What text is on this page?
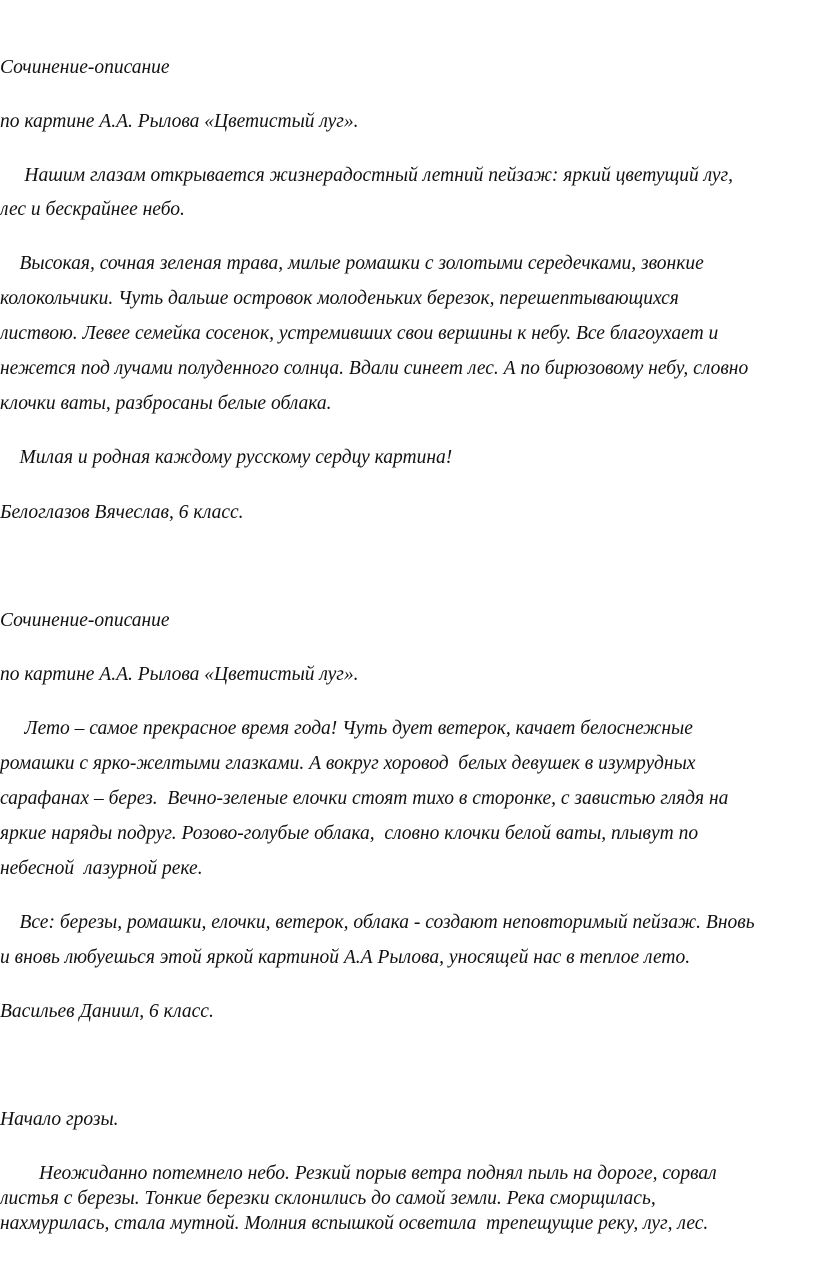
Сочинение-описание
по картине А.А. Рылова «Цветистый луг».
Нашим глазам открывается жизнерадостный летний пейзаж: яркий цветущий луг,
лес и бескрайнее небо.
Высокая, сочная зеленая трава, милые ромашки с золотыми середечками, звонкие
колокольчики. Чуть дальше островок молоденьких березок, перешептывающихся
листвою. Левее семейка сосенок, устремивших свои вершины к небу. Все благоухает и
нежется под лучами полуденного солнца. Вдали синеет лес. А по бирюзовому небу, словно
клочки ваты, разбросаны белые облака.
Милая и родная каждому русскому сердцу картина!
Белоглазов Вячеслав, 6 класс.
Сочинение-описание
по картине А.А. Рылова «Цветистый луг».
Лето – самое прекрасное время года! Чуть дует ветерок, качает белоснежные
ромашки с ярко-желтыми глазками. А вокруг хоровод  белых девушек в изумрудных
сарафанах – берез.  Вечно-зеленые елочки стоят тихо в сторонке, с завистью глядя на
яркие наряды подруг. Розово-голубые облака,  словно клочки белой ваты, плывут по
небесной  лазурной реке.
Все: березы, ромашки, елочки, ветерок, облака - создают неповторимый пейзаж. Вновь
и вновь любуешься этой яркой картиной А.А Рылова, уносящей нас в теплое лето.
Васильев Даниил, 6 класс.
Начало грозы.
Неожиданно потемнело небо. Резкий порыв ветра поднял пыль на дороге, сорвал
листья с березы. Тонкие березки склонились до самой земли. Река сморщилась,
нахмурилась, стала мутной. Молния вспышкой осветила  трепещущие реку, луг, лес.
